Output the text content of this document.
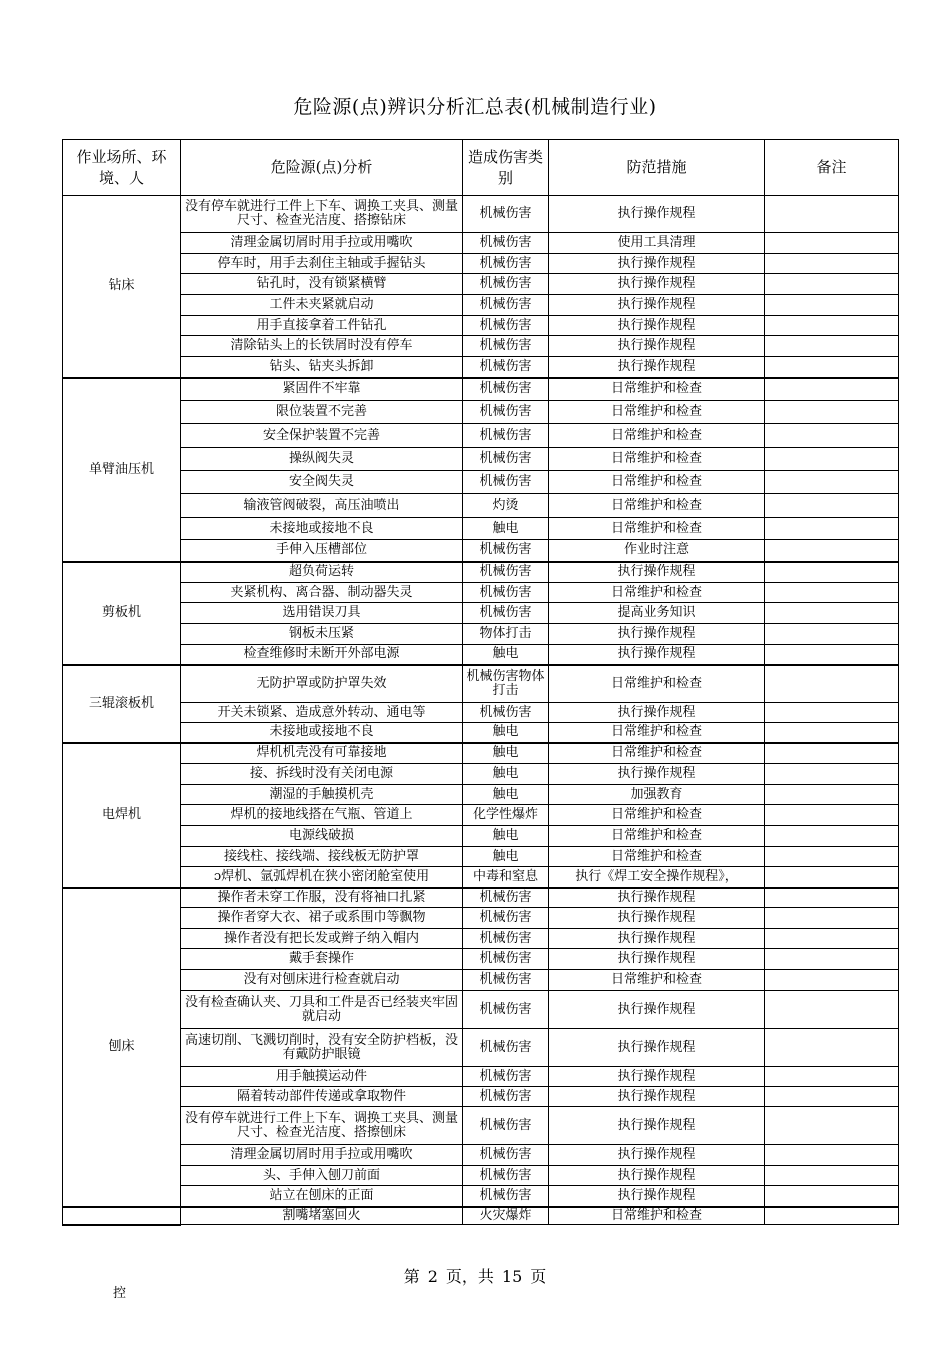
危险源(点)辨识分析汇总表(机械制造行业)
作业场所、环境、人	危险源(点)分析	造成伤害类别	防范措施	备注
钻床	没有停车就进行工件上下车、调换工夹具、测量尺寸、检查光洁度、搭擦钻床	机械伤害	执行操作规程	
	清理金属切屑时用手拉或用嘴吹	机械伤害	使用工具清理	
	停车时，用手去刹住主轴或手握钻头	机械伤害	执行操作规程	
	钻孔时，没有锁紧横臂	机械伤害	执行操作规程	
	工件未夹紧就启动	机械伤害	执行操作规程	
	用手直接拿着工件钻孔	机械伤害	执行操作规程	
	清除钻头上的长铁屑时没有停车	机械伤害	执行操作规程	
	钻头、钻夹头拆卸	机械伤害	执行操作规程	
单臂油压机	紧固件不牢靠	机械伤害	日常维护和检查	
	限位装置不完善	机械伤害	日常维护和检查	
	安全保护装置不完善	机械伤害	日常维护和检查	
	操纵阀失灵	机械伤害	日常维护和检查	
	安全阀失灵	机械伤害	日常维护和检查	
	输液管阀破裂，高压油喷出	灼烫	日常维护和检查	
	未接地或接地不良	触电	日常维护和检查	
	手伸入压槽部位	机械伤害	作业时注意	
剪板机	超负荷运转	机械伤害	执行操作规程	
	夹紧机构、离合器、制动器失灵	机械伤害	日常维护和检查	
	选用错误刀具	机械伤害	提高业务知识	
	钢板未压紧	物体打击	执行操作规程	
	检查维修时未断开外部电源	触电	执行操作规程	
三辊滚板机	无防护罩或防护罩失效	机械伤害物体打击	日常维护和检查	
	开关未锁紧、造成意外转动、通电等	机械伤害	执行操作规程	
	未接地或接地不良	触电	日常维护和检查	
电焊机	焊机机壳没有可靠接地	触电	日常维护和检查	
	接、拆线时没有关闭电源	触电	执行操作规程	
	潮湿的手触摸机壳	触电	加强教育	
	焊机的接地线搭在气瓶、管道上	化学性爆炸	日常维护和检查	
	电源线破损	触电	日常维护和检查	
	接线柱、接线端、接线板无防护罩	触电	日常维护和检查	
	ɔ焊机、氩弧焊机在狭小密闭舱室使用	中毒和窒息	执行《焊工安全操作规程》，	
刨床	操作者未穿工作服，没有将袖口扎紧	机械伤害	执行操作规程	
	操作者穿大衣、裙子或系围巾等飘物	机械伤害	执行操作规程	
	操作者没有把长发或辫子纳入帽内	机械伤害	执行操作规程	
	戴手套操作	机械伤害	执行操作规程	
	没有对刨床进行检查就启动	机械伤害	日常维护和检查	
	没有检查确认夹、刀具和工件是否已经装夹牢固就启动	机械伤害	执行操作规程	
	高速切削、飞溅切削时，没有安全防护档板，没有戴防护眼镜	机械伤害	执行操作规程	
	用手触摸运动件	机械伤害	执行操作规程	
	隔着转动部件传递或拿取物件	机械伤害	执行操作规程	
	没有停车就进行工件上下车、调换工夹具、测量尺寸、检查光洁度、搭擦刨床	机械伤害	执行操作规程	
	清理金属切屑时用手拉或用嘴吹	机械伤害	执行操作规程	
	头、手伸入刨刀前面	机械伤害	执行操作规程	
	站立在刨床的正面	机械伤害	执行操作规程	
	割嘴堵塞回火	火灾爆炸	日常维护和检查	
第 2 页，共 15 页
控
